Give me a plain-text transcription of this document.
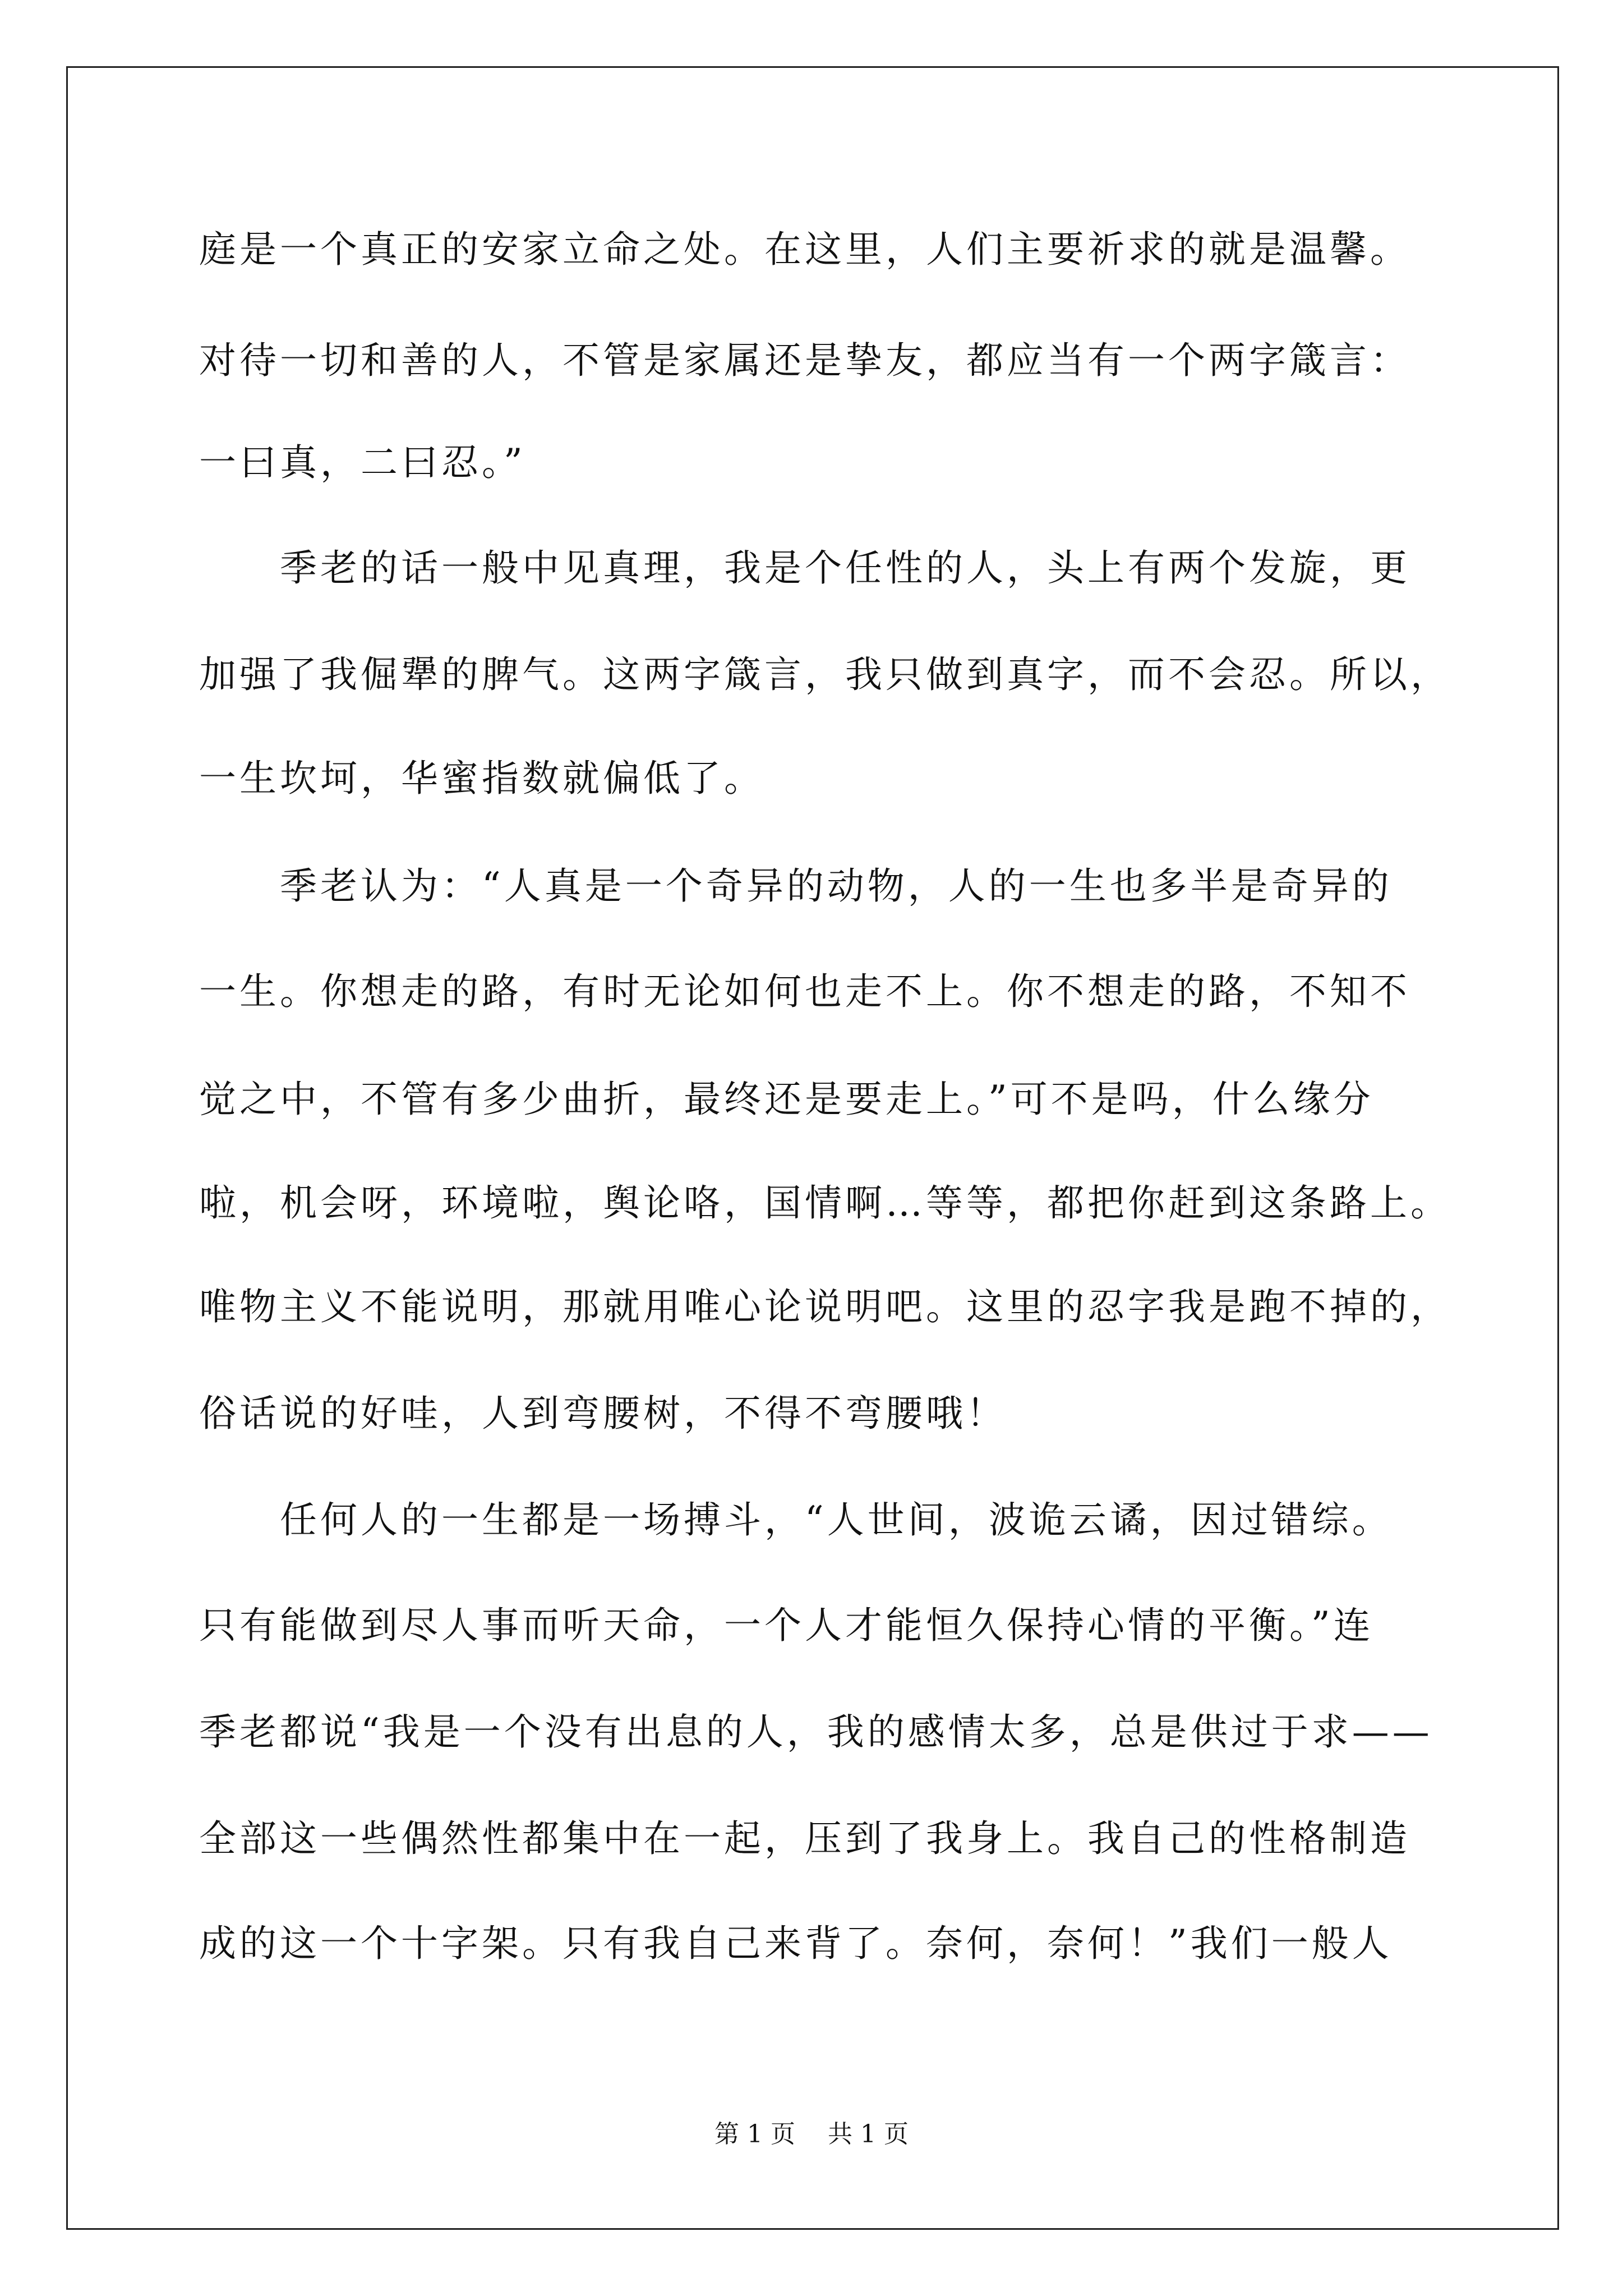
庭是一个真正的安家立命之处。在这里，人们主要祈求的就是温馨。
对待一切和善的人，不管是家属还是挚友，都应当有一个两字箴言：
一曰真，二曰忍。”
　　季老的话一般中见真理，我是个任性的人，头上有两个发旋，更
加强了我倔犟的脾气。这两字箴言，我只做到真字，而不会忍。所以，
一生坎坷，华蜜指数就偏低了。
　　季老认为：“人真是一个奇异的动物，人的一生也多半是奇异的
一生。你想走的路，有时无论如何也走不上。你不想走的路，不知不
觉之中，不管有多少曲折，最终还是要走上。”可不是吗，什么缘分
啦，机会呀，环境啦，舆论咯，国情啊…等等，都把你赶到这条路上。
唯物主义不能说明，那就用唯心论说明吧。这里的忍字我是跑不掉的，
俗话说的好哇，人到弯腰树，不得不弯腰哦！
　　任何人的一生都是一场搏斗，“人世间，波诡云谲，因过错综。
只有能做到尽人事而听天命，一个人才能恒久保持心情的平衡。”连
季老都说“我是一个没有出息的人，我的感情太多，总是供过于求——
全部这一些偶然性都集中在一起，压到了我身上。我自己的性格制造
成的这一个十字架。只有我自己来背了。奈何，奈何！”我们一般人
第 1 页　 共 1 页
